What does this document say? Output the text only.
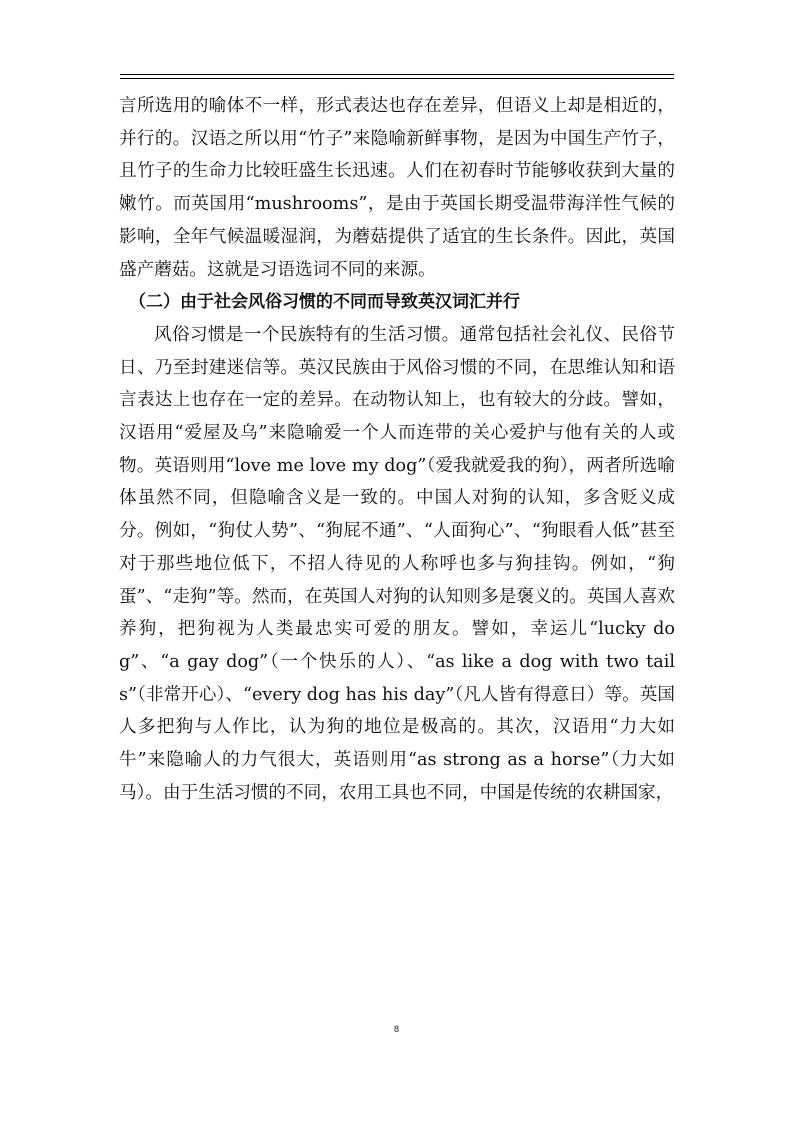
言所选用的喻体不一样，形式表达也存在差异，但语义上却是相近的，并行的。汉语之所以用“竹子”来隐喻新鲜事物，是因为中国生产竹子，且竹子的生命力比较旺盛生长迅速。人们在初春时节能够收获到大量的嫩竹。而英国用“mushrooms”，是由于英国长期受温带海洋性气候的影响，全年气候温暖湿润，为蘑菇提供了适宜的生长条件。因此，英国盛产蘑菇。这就是习语选词不同的来源。

（二）由于社会风俗习惯的不同而导致英汉词汇并行

风俗习惯是一个民族特有的生活习惯。通常包括社会礼仪、民俗节日、乃至封建迷信等。英汉民族由于风俗习惯的不同，在思维认知和语言表达上也存在一定的差异。在动物认知上，也有较大的分歧。譬如，汉语用“爱屋及乌”来隐喻爱一个人而连带的关心爱护与他有关的人或物。英语则用“love me love my dog”（爱我就爱我的狗），两者所选喻体虽然不同，但隐喻含义是一致的。中国人对狗的认知，多含贬义成分。例如，“狗仗人势”、“狗屁不通”、“人面狗心”、“狗眼看人低”甚至对于那些地位低下，不招人待见的人称呼也多与狗挂钩。例如，“狗蛋”、“走狗”等。然而，在英国人对狗的认知则多是褒义的。英国人喜欢养狗，把狗视为人类最忠实可爱的朋友。譬如，幸运儿“lucky dog”、“a gay dog”（一个快乐的人）、“as like a dog with two tails”（非常开心）、“every dog has his day”（凡人皆有得意日）等。英国人多把狗与人作比，认为狗的地位是极高的。其次，汉语用“力大如牛”来隐喻人的力气很大，英语则用“as strong as a horse”（力大如马）。由于生活习惯的不同，农用工具也不同，中国是传统的农耕国家，

8
